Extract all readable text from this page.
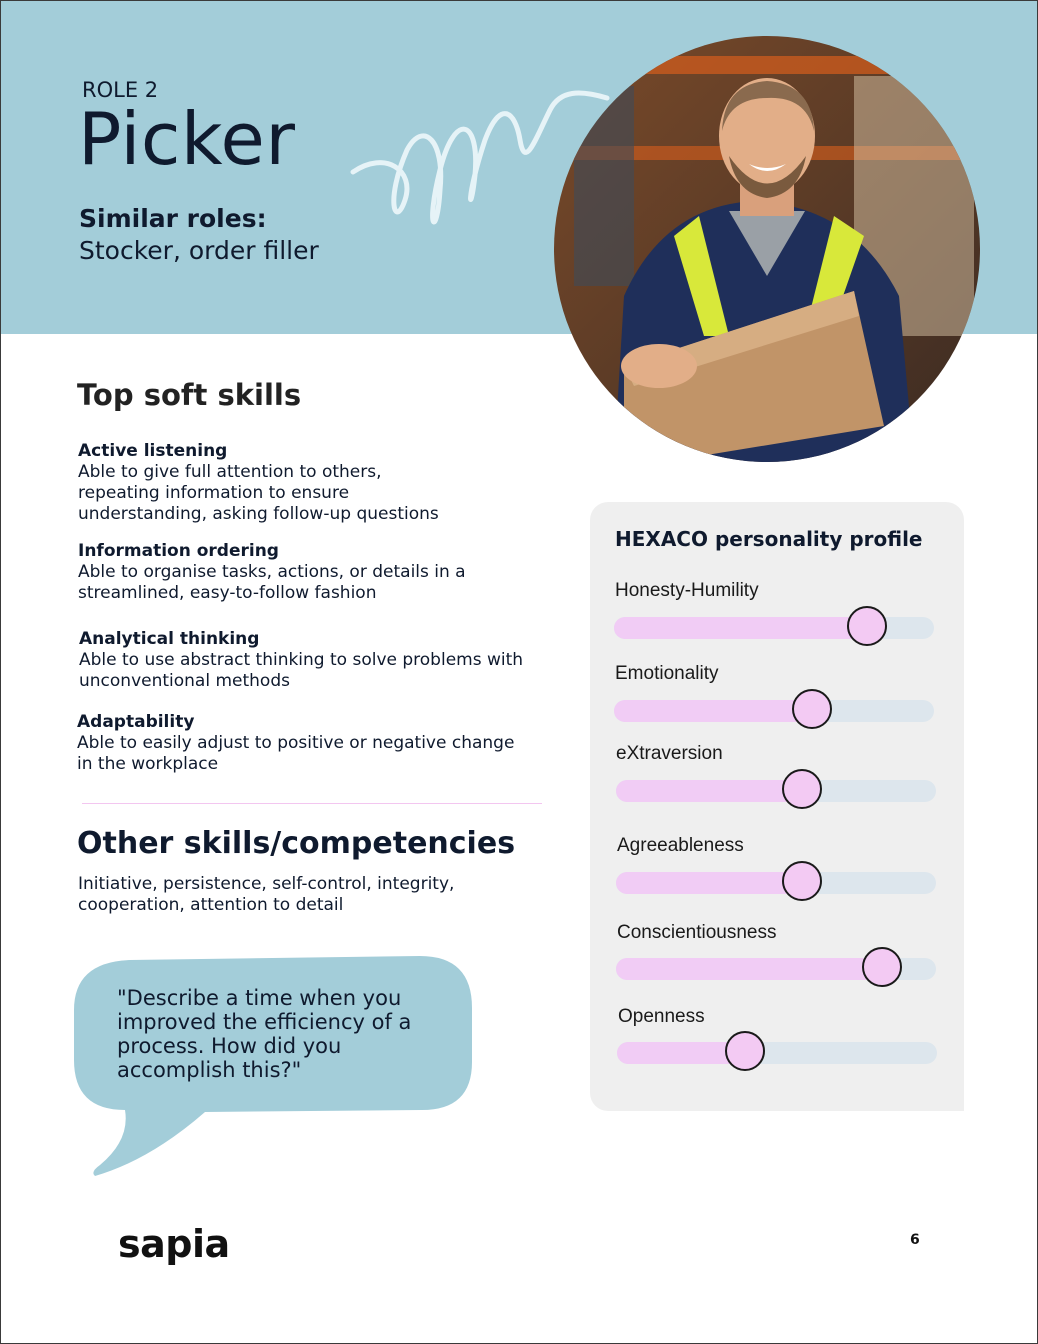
ROLE 2
Picker
Similar roles:
Stocker, order filler
Top soft skills
Active listening
Able to give full attention to others, repeating information to ensure understanding, asking follow-up questions
Information ordering
Able to organise tasks, actions, or details in a streamlined, easy-to-follow fashion
Analytical thinking
Able to use abstract thinking to solve problems with unconventional methods
Adaptability
Able to easily adjust to positive or negative change in the workplace
Other skills/competencies
Initiative, persistence, self-control, integrity, cooperation, attention to detail
"Describe a time when you improved the efficiency of a process. How did you accomplish this?"
HEXACO personality profile
Honesty-Humility
Emotionality
eXtraversion
Agreeableness
Conscientiousness
Openness
sapia	6
